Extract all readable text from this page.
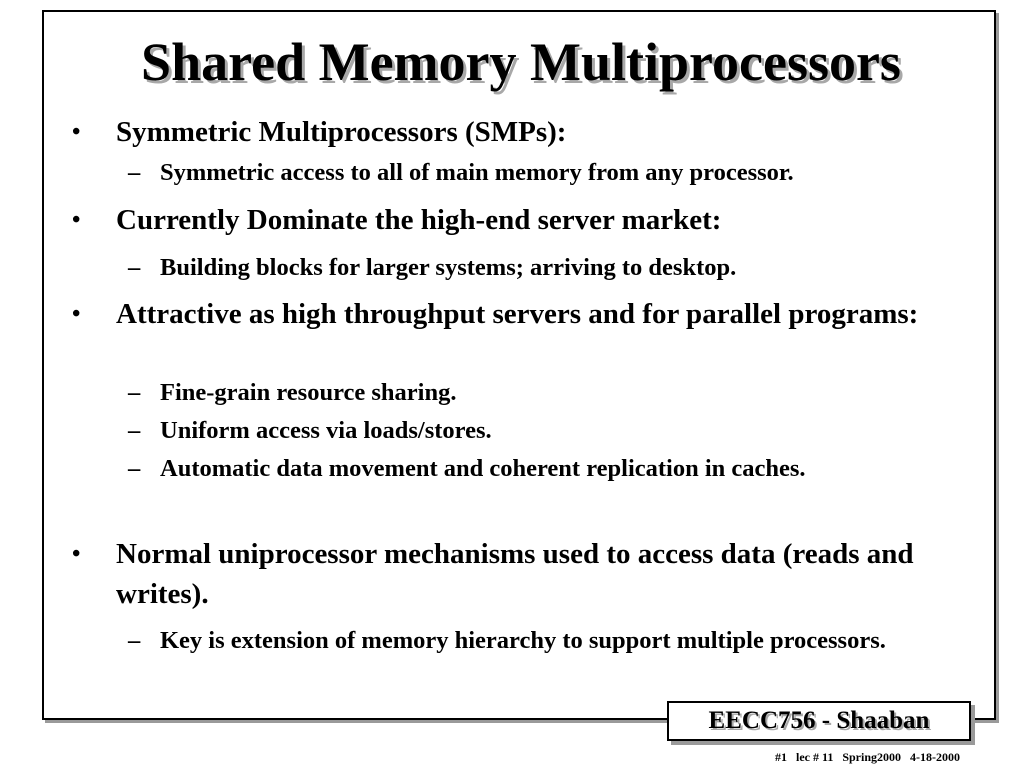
Shared Memory Multiprocessors
•	Symmetric Multiprocessors (SMPs):
– Symmetric access to all of main memory from any processor.
•	Currently Dominate the high-end server market:
– Building blocks for larger systems; arriving to desktop.
•	Attractive as high throughput servers and for parallel programs:
– Fine-grain resource sharing.
– Uniform access via loads/stores.
– Automatic data movement and coherent replication in caches.
•	Normal uniprocessor mechanisms used to access data (reads and writes).
– Key is extension of memory hierarchy to support multiple processors.
EECC756 - Shaaban
#1   lec # 11   Spring2000   4-18-2000
